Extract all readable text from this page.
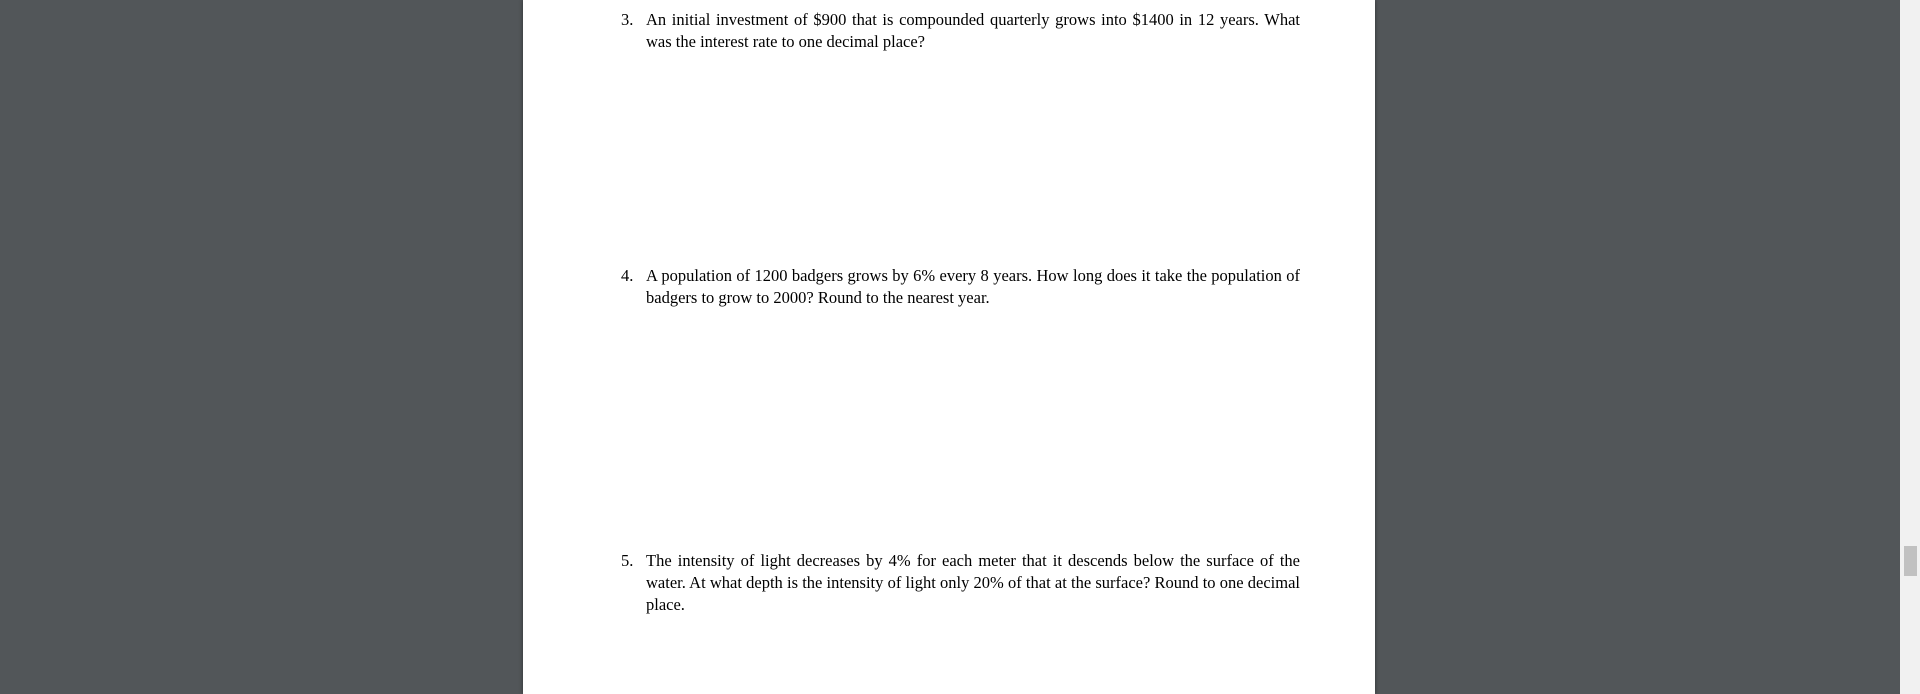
3. An initial investment of $900 that is compounded quarterly grows into $1400 in 12 years. What was the interest rate to one decimal place?
4. A population of 1200 badgers grows by 6% every 8 years. How long does it take the population of badgers to grow to 2000? Round to the nearest year.
5. The intensity of light decreases by 4% for each meter that it descends below the surface of the water. At what depth is the intensity of light only 20% of that at the surface? Round to one decimal place.
